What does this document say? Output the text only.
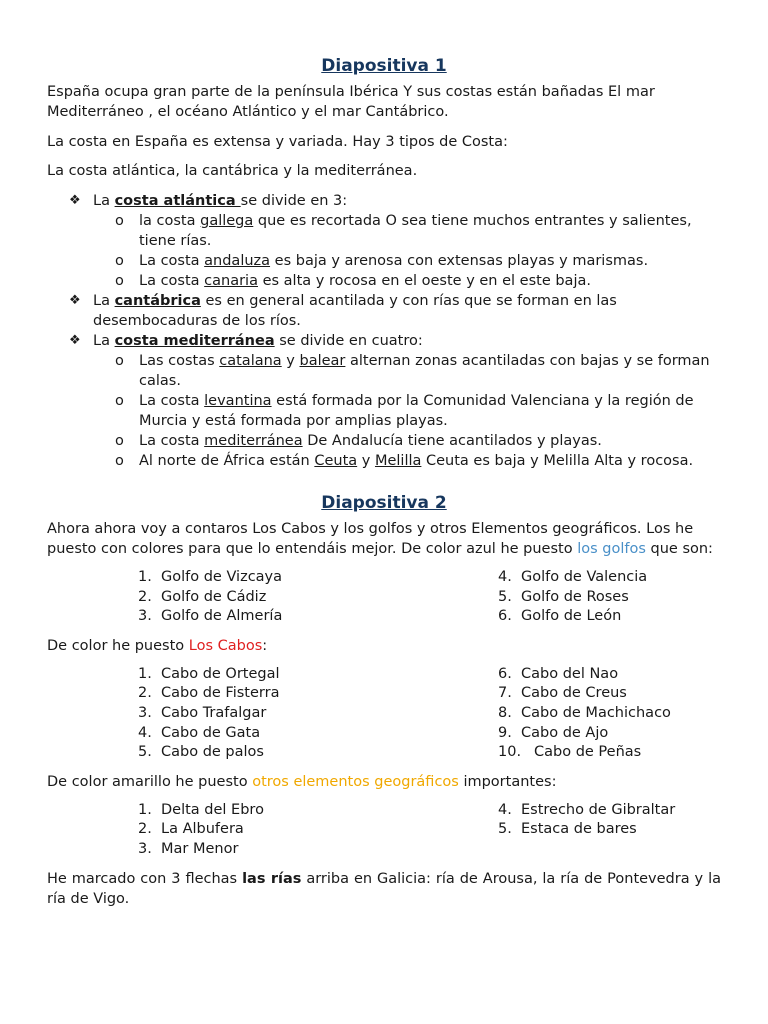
Diapositiva 1

España ocupa gran parte de la península Ibérica Y sus costas están bañadas El mar Mediterráneo , el océano Atlántico y el mar Cantábrico.

La costa en España es extensa y variada. Hay 3 tipos de Costa:

La costa atlántica, la cantábrica y la mediterránea.

❖ La costa atlántica se divide en 3:
o	la costa gallega que es recortada O sea tiene muchos entrantes y salientes, tiene rías.
o	La costa andaluza es baja y arenosa con extensas playas y marismas.
o	La costa canaria es alta y rocosa en el oeste y en el este baja.
❖ La cantábrica es en general acantilada y con rías que se forman en las desembocaduras de los ríos.
❖ La costa mediterránea se divide en cuatro:
o	Las costas catalana y balear alternan zonas acantiladas con bajas y se forman calas.
o	La costa levantina está formada por la Comunidad Valenciana y la región de Murcia y está formada por amplias playas.
o	La costa mediterránea De Andalucía tiene acantilados y playas.
o	Al norte de África están Ceuta y Melilla Ceuta es baja y Melilla Alta y rocosa.
Diapositiva 2

Ahora ahora voy a contaros Los Cabos y los golfos y otros Elementos geográficos. Los he puesto con colores para que lo entendáis mejor. De color azul he puesto los golfos que son:

1. Golfo de Vizcaya
2. Golfo de Cádiz
3. Golfo de Almería
4. Golfo de Valencia
5. Golfo de Roses
6. Golfo de León

De color he puesto Los Cabos:

1. Cabo de Ortegal
2. Cabo de Fisterra
3. Cabo Trafalgar
4. Cabo de Gata
5. Cabo de palos
6. Cabo del Nao
7. Cabo de Creus
8. Cabo de Machichaco
9. Cabo de Ajo
10. Cabo de Peñas

De color amarillo he puesto otros elementos geográficos importantes:

1. Delta del Ebro
2. La Albufera
3. Mar Menor
4. Estrecho de Gibraltar
5. Estaca de bares

He marcado con 3 flechas las rías arriba en Galicia: ría de Arousa, la ría de Pontevedra y la ría de Vigo.
